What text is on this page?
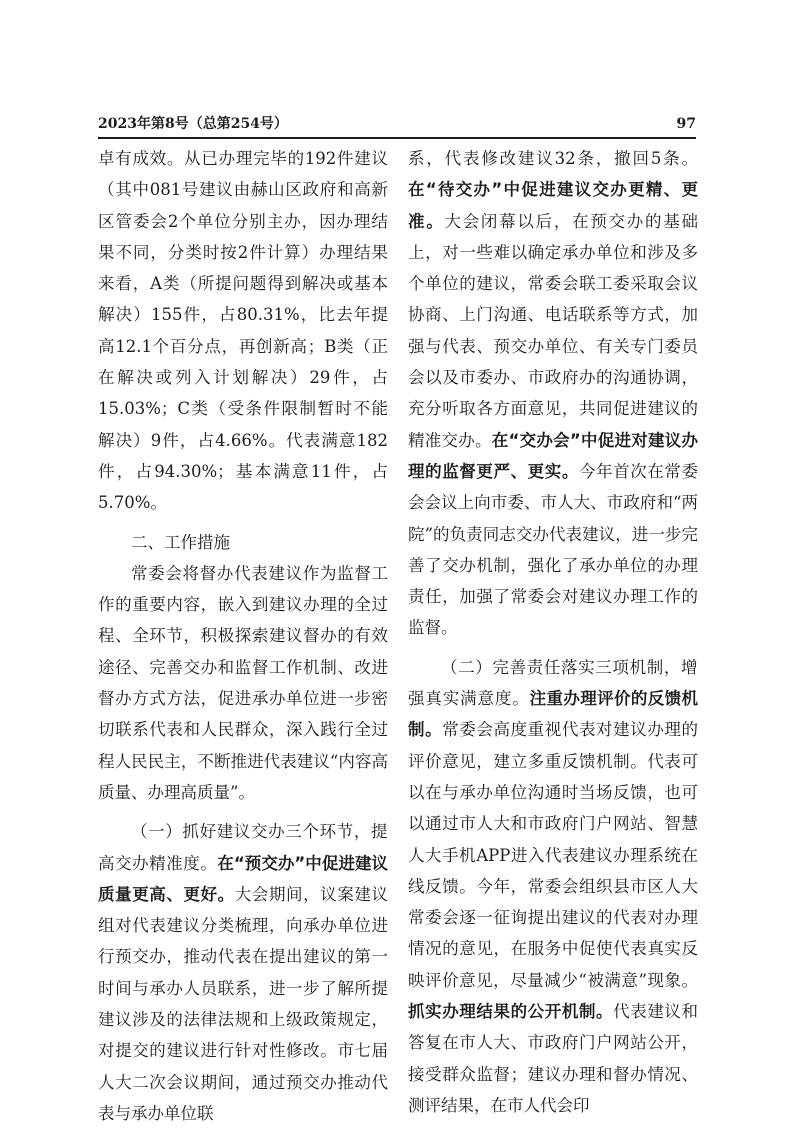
2023年第8号（总第254号）	97

卓有成效。从已办理完毕的192件建议（其中081号建议由赫山区政府和高新区管委会2个单位分别主办，因办理结果不同，分类时按2件计算）办理结果来看，A类（所提问题得到解决或基本解决）155件，占80.31%，比去年提高12.1个百分点，再创新高；B类（正在解决或列入计划解决）29件，占15.03%；C类（受条件限制暂时不能解决）9件，占4.66%。代表满意182件，占94.30%；基本满意11件，占5.70%。

二、工作措施

常委会将督办代表建议作为监督工作的重要内容，嵌入到建议办理的全过程、全环节，积极探索建议督办的有效途径、完善交办和监督工作机制、改进督办方式方法，促进承办单位进一步密切联系代表和人民群众，深入践行全过程人民民主，不断推进代表建议“内容高质量、办理高质量”。

（一）抓好建议交办三个环节，提高交办精准度。在“预交办”中促进建议质量更高、更好。大会期间，议案建议组对代表建议分类梳理，向承办单位进行预交办，推动代表在提出建议的第一时间与承办人员联系，进一步了解所提建议涉及的法律法规和上级政策规定，对提交的建议进行针对性修改。市七届人大二次会议期间，通过预交办推动代表与承办单位联

系，代表修改建议32条，撤回5条。在“待交办”中促进建议交办更精、更准。大会闭幕以后，在预交办的基础上，对一些难以确定承办单位和涉及多个单位的建议，常委会联工委采取会议协商、上门沟通、电话联系等方式，加强与代表、预交办单位、有关专门委员会以及市委办、市政府办的沟通协调，充分听取各方面意见，共同促进建议的精准交办。在“交办会”中促进对建议办理的监督更严、更实。今年首次在常委会会议上向市委、市人大、市政府和“两院”的负责同志交办代表建议，进一步完善了交办机制，强化了承办单位的办理责任，加强了常委会对建议办理工作的监督。

（二）完善责任落实三项机制，增强真实满意度。注重办理评价的反馈机制。常委会高度重视代表对建议办理的评价意见，建立多重反馈机制。代表可以在与承办单位沟通时当场反馈，也可以通过市人大和市政府门户网站、智慧人大手机APP进入代表建议办理系统在线反馈。今年，常委会组织县市区人大常委会逐一征询提出建议的代表对办理情况的意见，在服务中促使代表真实反映评价意见，尽量减少“被满意”现象。抓实办理结果的公开机制。代表建议和答复在市人大、市政府门户网站公开，接受群众监督；建议办理和督办情况、测评结果，在市人代会印
